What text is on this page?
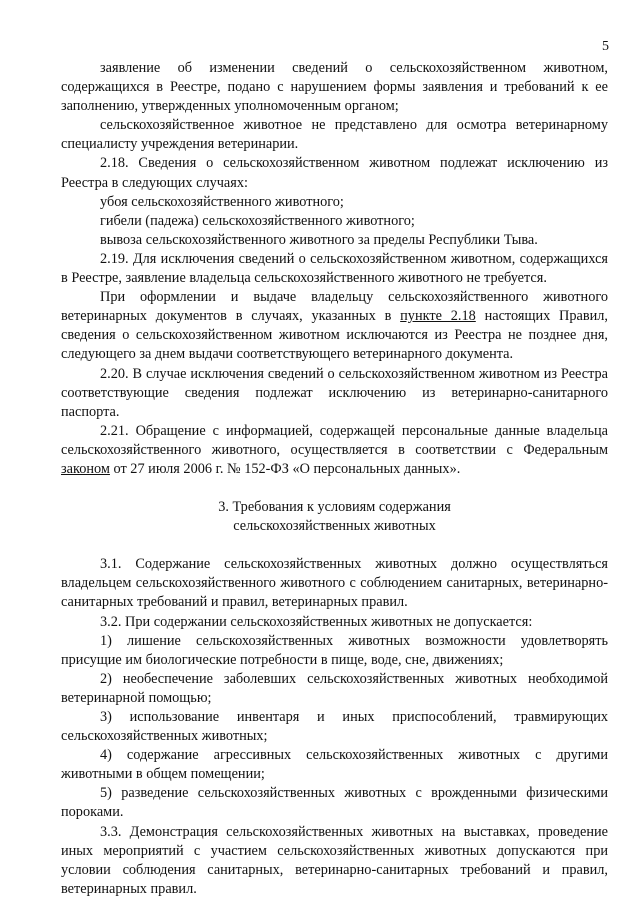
5

заявление об изменении сведений о сельскохозяйственном животном, содержащихся в Реестре, подано с нарушением формы заявления и требований к ее заполнению, утвержденных уполномоченным органом;

сельскохозяйственное животное не представлено для осмотра ветеринарному специалисту учреждения ветеринарии.

2.18. Сведения о сельскохозяйственном животном подлежат исключению из Реестра в следующих случаях:

убоя сельскохозяйственного животного;

гибели (падежа) сельскохозяйственного животного;

вывоза сельскохозяйственного животного за пределы Республики Тыва.

2.19. Для исключения сведений о сельскохозяйственном животном, содержащихся в Реестре, заявление владельца сельскохозяйственного животного не требуется.

При оформлении и выдаче владельцу сельскохозяйственного животного ветеринарных документов в случаях, указанных в пункте 2.18 настоящих Правил, сведения о сельскохозяйственном животном исключаются из Реестра не позднее дня, следующего за днем выдачи соответствующего ветеринарного документа.

2.20. В случае исключения сведений о сельскохозяйственном животном из Реестра соответствующие сведения подлежат исключению из ветеринарно-санитарного паспорта.

2.21. Обращение с информацией, содержащей персональные данные владельца сельскохозяйственного животного, осуществляется в соответствии с Федеральным законом от 27 июля 2006 г. № 152-ФЗ «О персональных данных».

3. Требования к условиям содержания
сельскохозяйственных животных

3.1. Содержание сельскохозяйственных животных должно осуществляться владельцем сельскохозяйственного животного с соблюдением санитарных, ветеринарно-санитарных требований и правил, ветеринарных правил.

3.2. При содержании сельскохозяйственных животных не допускается:

1) лишение сельскохозяйственных животных возможности удовлетворять присущие им биологические потребности в пище, воде, сне, движениях;

2) необеспечение заболевших сельскохозяйственных животных необходимой ветеринарной помощью;

3) использование инвентаря и иных приспособлений, травмирующих сельскохозяйственных животных;

4) содержание агрессивных сельскохозяйственных животных с другими животными в общем помещении;

5) разведение сельскохозяйственных животных с врожденными физическими пороками.

3.3. Демонстрация сельскохозяйственных животных на выставках, проведение иных мероприятий с участием сельскохозяйственных животных допускаются при условии соблюдения санитарных, ветеринарно-санитарных требований и правил, ветеринарных правил.
